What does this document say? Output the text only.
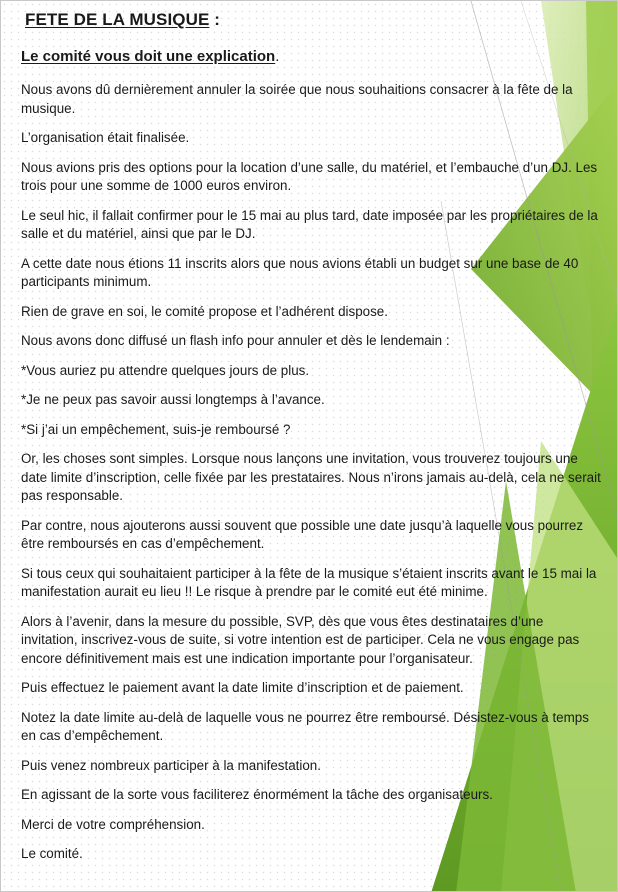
FETE DE LA MUSIQUE :
Le comité vous doit une explication.

Nous avons dû dernièrement annuler la soirée que nous souhaitions consacrer à la fête de la musique.

L’organisation était finalisée.

Nous avions pris des options pour la location d’une salle, du matériel, et l’embauche d’un DJ. Les trois pour une somme de 1000 euros environ.

Le seul hic, il fallait confirmer pour le 15 mai au plus tard, date imposée par les propriétaires de la salle et du matériel, ainsi que par le DJ.

A cette date nous étions 11 inscrits alors que nous avions établi un budget sur une base de 40 participants minimum.

Rien de grave en soi, le comité propose et l’adhérent dispose.

Nous avons donc diffusé un flash info pour annuler et dès le lendemain :

*Vous auriez pu attendre quelques jours de plus.

*Je ne peux pas savoir aussi longtemps à l’avance.

*Si j’ai un empêchement, suis-je remboursé ?

Or, les choses sont simples. Lorsque nous lançons une invitation, vous trouverez toujours une date limite d’inscription, celle fixée par les prestataires. Nous n’irons jamais au-delà, cela ne serait pas responsable.

Par contre, nous ajouterons aussi souvent que possible une date jusqu’à laquelle vous pourrez être remboursés en cas d’empêchement.

Si tous ceux qui souhaitaient participer à la fête de la musique s’étaient inscrits avant le 15 mai la manifestation aurait eu lieu !! Le risque à prendre par le comité eut été minime.

Alors à l’avenir, dans la mesure du possible, SVP, dès que vous êtes destinataires d’une invitation, inscrivez-vous de suite, si votre intention est de participer. Cela ne vous engage pas encore définitivement mais est une indication importante pour l’organisateur.

Puis effectuez le paiement avant la date limite d’inscription et de paiement.

Notez la date limite au-delà de laquelle vous ne pourrez être remboursé. Désistez-vous à temps en cas d’empêchement.

Puis venez nombreux participer à la manifestation.

En agissant de la sorte vous faciliterez énormément la tâche des organisateurs.

Merci de votre compréhension.

Le comité.
